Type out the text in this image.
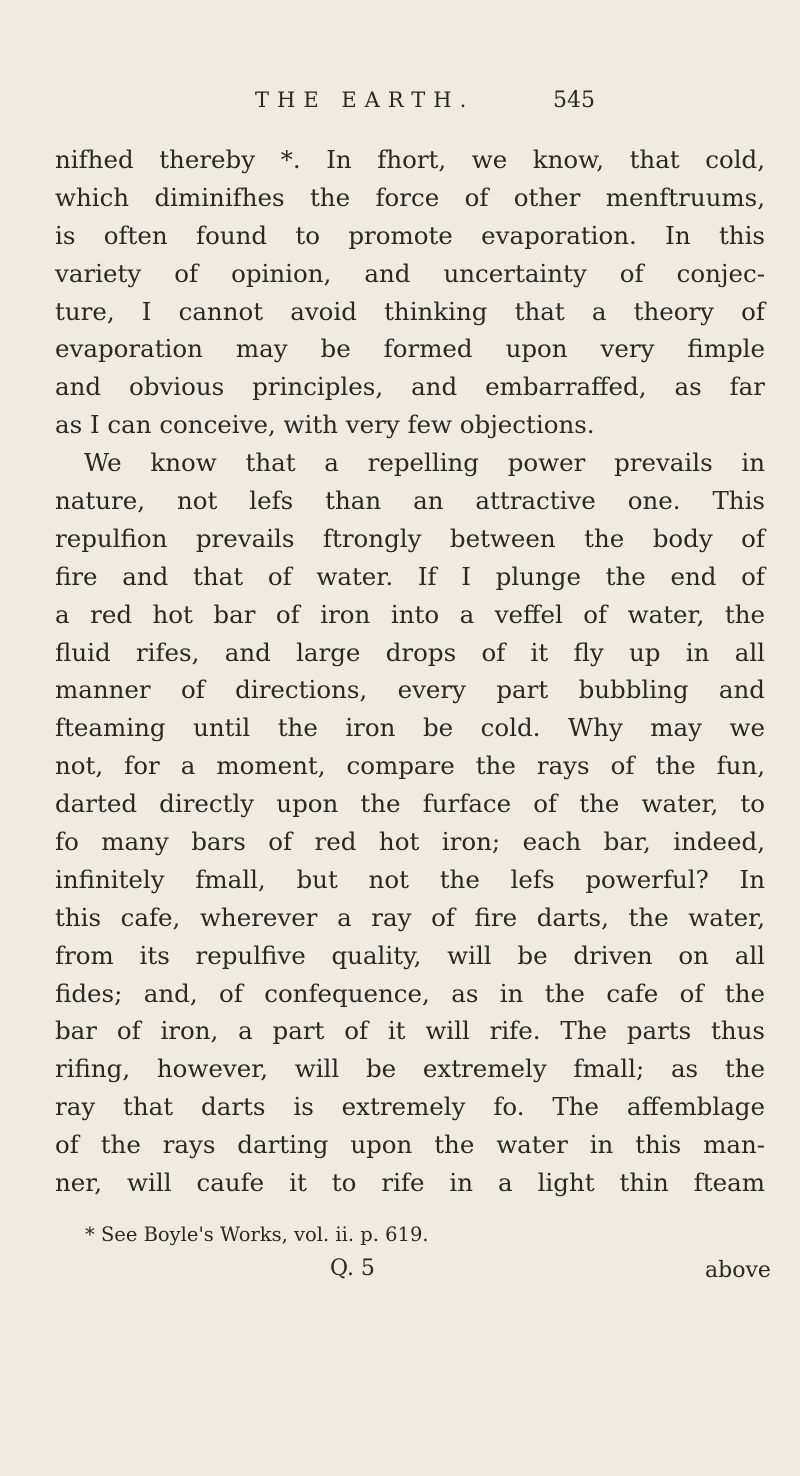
THE EARTH.	545
nifhed thereby *. In fhort, we know, that cold,
which diminifhes the force of other menftruums,
is often found to promote evaporation. In this
variety of opinion, and uncertainty of conjec-
ture, I cannot avoid thinking that a theory of
evaporation may be formed upon very fimple
and obvious principles, and embarraffed, as far
as I can conceive, with very few objections.
We know that a repelling power prevails in
nature, not lefs than an attractive one. This
repulfion prevails ftrongly between the body of
fire and that of water. If I plunge the end of
a red hot bar of iron into a veffel of water, the
fluid rifes, and large drops of it fly up in all
manner of directions, every part bubbling and
fteaming until the iron be cold. Why may we
not, for a moment, compare the rays of the fun,
darted directly upon the furface of the water, to
fo many bars of red hot iron; each bar, indeed,
infinitely fmall, but not the lefs powerful? In
this cafe, wherever a ray of fire darts, the water,
from its repulfive quality, will be driven on all
fides; and, of confequence, as in the cafe of the
bar of iron, a part of it will rife. The parts thus
rifing, however, will be extremely fmall; as the
ray that darts is extremely fo. The affemblage
of the rays darting upon the water in this man-
ner, will caufe it to rife in a light thin fteam
* See Boyle's Works, vol. ii. p. 619.
Q. 5	above
